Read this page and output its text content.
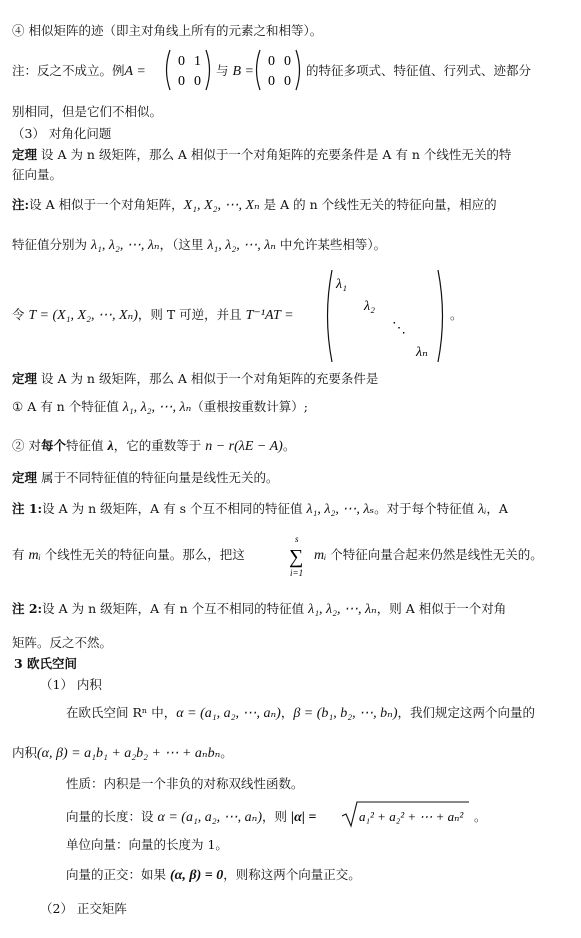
④ 相似矩阵的迹（即主对角线上所有的元素之和相等）。
注：反之不成立。例A =
0 1
0 0
与 B =
0 0
0 0
的特征多项式、特征值、行列式、迹都分
别相同，但是它们不相似。
（3） 对角化问题
定理 设 A 为 n 级矩阵，那么 A 相似于一个对角矩阵的充要条件是 A 有 n 个线性无关的特
征向量。
注:设 A 相似于一个对角矩阵，X₁, X₂, ⋯, Xₙ 是 A 的 n 个线性无关的特征向量，相应的
特征值分别为 λ₁, λ₂, ⋯, λₙ，（这里 λ₁, λ₂, ⋯, λₙ 中允许某些相等）。
令 T = (X₁, X₂, ⋯, Xₙ)，则 T 可逆，并且 T⁻¹AT =
λ₁
λ₂
⋱
λₙ
。
定理 设 A 为 n 级矩阵，那么 A 相似于一个对角矩阵的充要条件是
① A 有 n 个特征值 λ₁, λ₂, ⋯, λₙ（重根按重数计算）;
② 对每个特征值 λ，它的重数等于 n − r(λE − A)。
定理 属于不同特征值的特征向量是线性无关的。
注 1:设 A 为 n 级矩阵，A 有 s 个互不相同的特征值 λ₁, λ₂, ⋯, λₛ。对于每个特征值 λᵢ，A
有 mᵢ 个线性无关的特征向量。那么，把这
s
∑
i=1
mᵢ 个特征向量合起来仍然是线性无关的。
注 2:设 A 为 n 级矩阵，A 有 n 个互不相同的特征值 λ₁, λ₂, ⋯, λₙ，则 A 相似于一个对角
矩阵。反之不然。
3 欧氏空间
（1） 内积
在欧氏空间 Rⁿ 中，α = (a₁, a₂, ⋯, aₙ)，β = (b₁, b₂, ⋯, bₙ)，我们规定这两个向量的
内积(α, β) = a₁b₁ + a₂b₂ + ⋯ + aₙbₙ。
性质：内积是一个非负的对称双线性函数。
向量的长度：设 α = (a₁, a₂, ⋯, aₙ)，则 |α| =	a₁² + a₂² + ⋯ + aₙ² 。
单位向量：向量的长度为 1。
向量的正交：如果 (α, β) = 0，则称这两个向量正交。
（2） 正交矩阵
